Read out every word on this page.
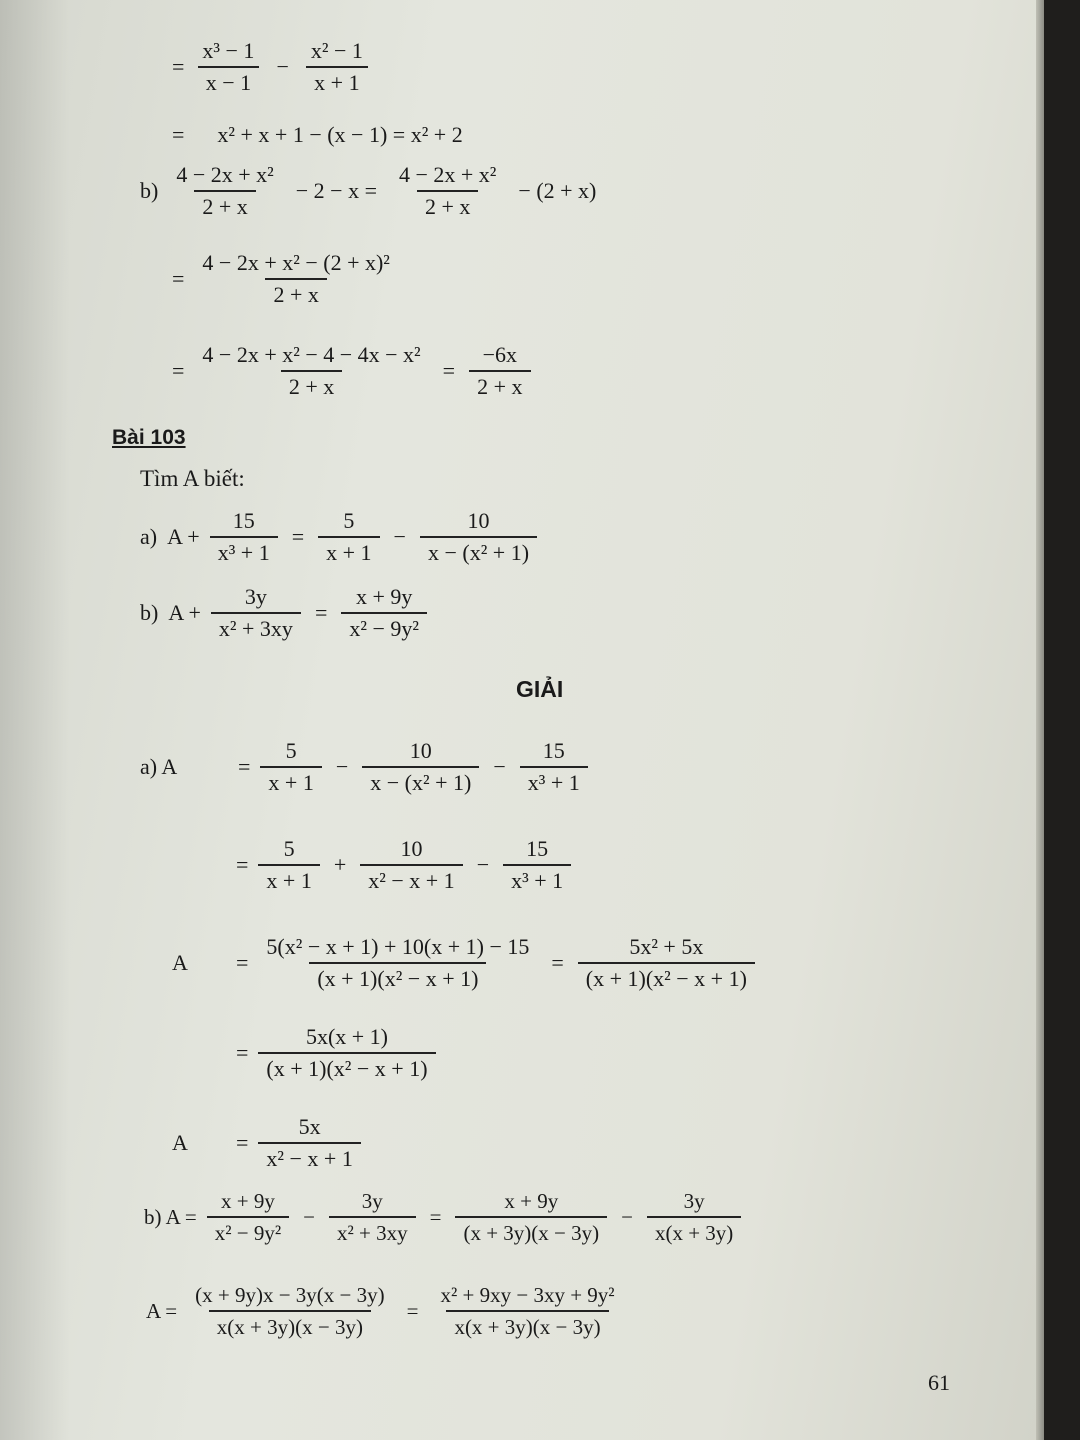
= $\frac{\text{x³ − 1}}{x - 1} - \frac{\text{x² − 1}}{x + 1}$
=      x² + x + 1 − (x − 1) = x² + 2
$b) \frac{\text{4 − 2x + x²}}{2 + x} - 2 - x = \frac{\text{4 − 2x + x²}}{2 + x} - (2 + x)$
= $\frac{\text{4 − 2x + x² − (2 + x)²}}{2 + x}$
= $\frac{\text{4 − 2x + x² − 4 − 4x − x²}}{2 + x} = \frac{-6x}{2 + x}$
Bài 103
Tìm A biết:
a) $A + \frac{15}{\text{x³ + 1}} = \frac{5}{x + 1} - \frac{10}{\text{x − (x² + 1)}}$
b) $A + \frac{3y}{\text{x² + 3xy}} = \frac{x + 9y}{\text{x² − 9y²}}$
GIẢI
a) A	= $\frac{5}{x + 1} - \frac{10}{\text{x − (x² + 1)}} - \frac{15}{\text{x³ + 1}}$
= $\frac{5}{x + 1} + \frac{10}{\text{x² − x + 1}} - \frac{15}{\text{x³ + 1}}$
A	= $\frac{\text{5(x² − x + 1) + 10(x + 1) − 15}}{\text{(x + 1)(x² − x + 1)}} = \frac{\text{5x² + 5x}}{\text{(x + 1)(x² − x + 1)}}$
= $\frac{5x(x + 1)}{\text{(x + 1)(x² − x + 1)}}$
A	= $\frac{5x}{\text{x² − x + 1}}$
b) $A = \frac{x + 9y}{\text{x² − 9y²}} - \frac{3y}{\text{x² + 3xy}} = \frac{x + 9y}{(x + 3y)(x - 3y)} - \frac{3y}{x(x + 3y)}$
$A = \frac{(x + 9y)x - 3y(x - 3y)}{x(x + 3y)(x - 3y)} = \frac{\text{x² + 9xy − 3xy + 9y²}}{x(x + 3y)(x - 3y)}$
61
